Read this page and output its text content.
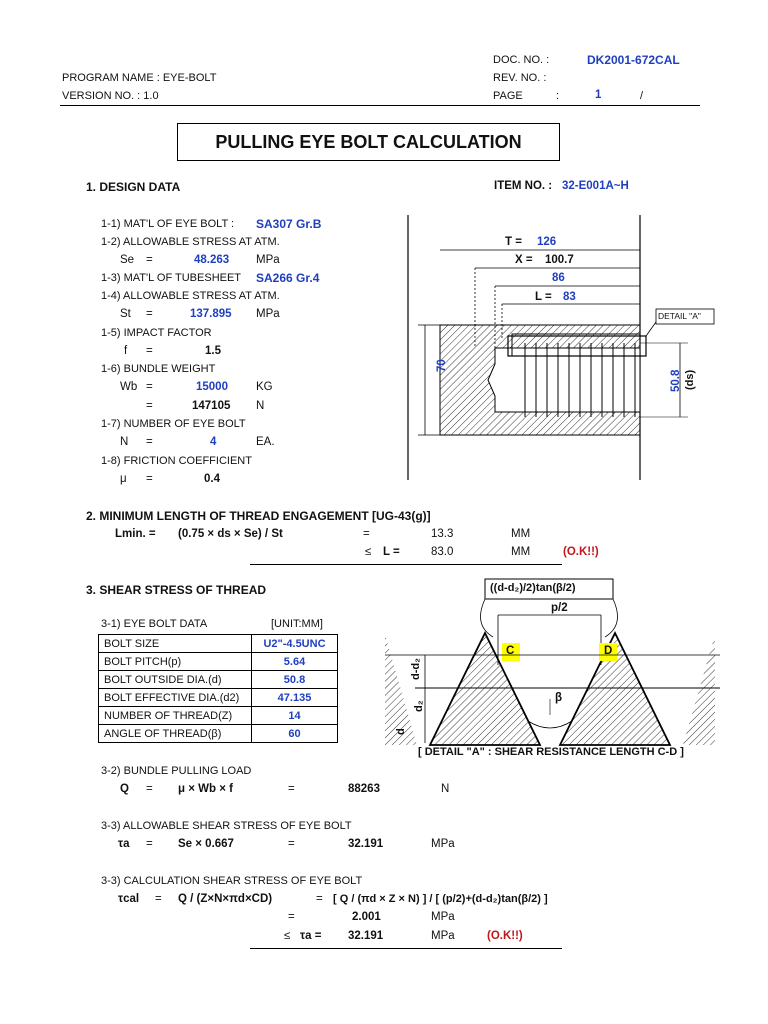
DOC. NO. :	DK2001-672CAL
PROGRAM NAME : EYE-BOLT	REV. NO. :
VERSION NO. : 1.0	PAGE	:	1	/
PULLING EYE BOLT CALCULATION
1. DESIGN DATA	ITEM NO. : 32-E001A~H
1-1) MAT'L OF EYE BOLT : SA307 Gr.B
1-2) ALLOWABLE STRESS AT ATM.
Se =	48.263 MPa
1-3) MAT'L OF TUBESHEET SA266 Gr.4
1-4) ALLOWABLE STRESS AT ATM.
St =	137.895 MPa
1-5) IMPACT FACTOR
f =	1.5
1-6) BUNDLE WEIGHT
Wb =	15000 KG
=	147105 N
1-7) NUMBER OF EYE BOLT
N =	4	EA.
1-8) FRICTION COEFFICIENT
μ =	0.4
T = 126
X = 100.7
86
L = 83
DETAIL "A"
70
50.8 (ds)
2. MINIMUM LENGTH OF THREAD ENGAGEMENT [UG-43(g)]
Lmin. = (0.75 × ds × Se) / St	=	13.3	MM
≤ L =	83.0	MM	(O.K!!)
3. SHEAR STRESS OF THREAD
3-1) EYE BOLT DATA	[UNIT:MM]
BOLT SIZE	U2"-4.5UNC
BOLT PITCH(p)	5.64
BOLT OUTSIDE DIA.(d)	50.8
BOLT EFFECTIVE DIA.(d2)	47.135
NUMBER OF THREAD(Z)	14
ANGLE OF THREAD(β)	60
((d-d₂)/2)tan(β/2)
p/2
C	D
d-d₂
d₂
d
β
[ DETAIL "A" : SHEAR RESISTANCE LENGTH C-D ]
3-2) BUNDLE PULLING LOAD
Q = μ × Wb × f	=	88263	N
3-3) ALLOWABLE SHEAR STRESS OF EYE BOLT
τa = Se × 0.667	=	32.191	MPa
3-3) CALCULATION SHEAR STRESS OF EYE BOLT
τcal = Q / (Z×N×πd×CD)	= [ Q / (πd × Z × N) ] / [ (p/2)+(d-d₂)tan(β/2) ]
=	2.001	MPa
≤ τa = 32.191	MPa	(O.K!!)
